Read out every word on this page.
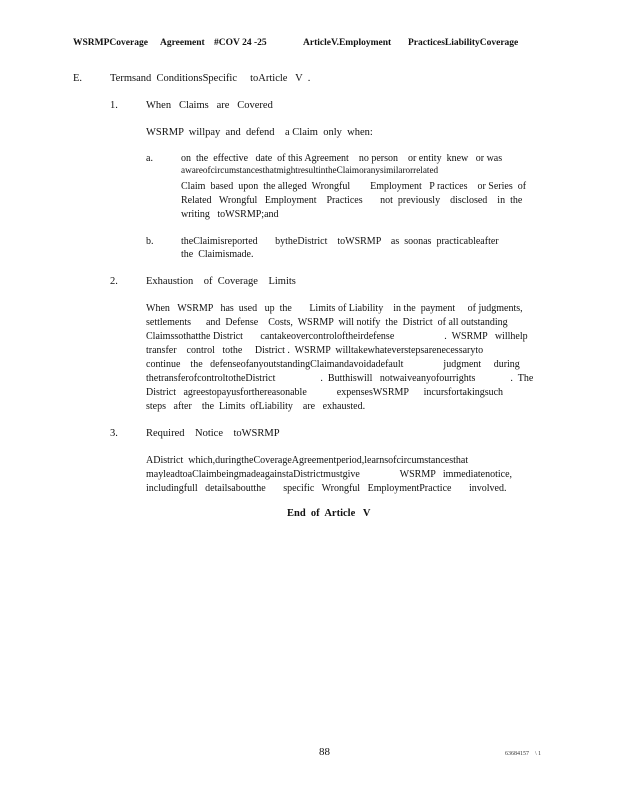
WSRMPCoverage Agreement #COV 24 -25	ArticleV.Employment PracticesLiabilityCoverage
E.	Termsand  ConditionsSpecific     toArticle   V  .
1.	When   Claims   are   Covered
WSRMP  willpay  and  defend    a Claim  only  when:
a.	on  the  effective   date  of this Agreement    no person    or entity  knew   or was
awareofcircumstancesthatmightresultintheClaimoranysimilarorrelated
Claim  based  upon  the alleged  Wrongful        Employment   P ractices    or Series  of
Related   Wrongful   Employment    Practices       not  previously    disclosed    in  the
writing   toWSRMP;and
b.	theClaimisreported       bytheDistrict    toWSRMP    as  soonas  practicableafter
the  Claimismade.
2.	Exhaustion    of  Coverage    Limits
When   WSRMP   has  used   up  the       Limits of Liability    in the  payment     of judgments,
settlements      and  Defense    Costs,  WSRMP  will notify  the  District  of all outstanding
Claimssothatthe District       cantakeovercontroloftheirdefense                    .  WSRMP   willhelp
transfer    control   tothe     District .  WSRMP  willtakewhateverstepsarenecessaryto
continue    the   defenseofanyoutstandingClaimandavoidadefault                judgment     during
thetransferofcontroltotheDistrict                  .  Butthiswill   notwaiveanyofourrights              .  The
District   agreestopayusforthereasonable            expensesWSRMP      incursfortakingsuch
steps   after    the  Limits  ofLiability    are   exhausted.
3.	Required    Notice    toWSRMP
ADistrict  which,duringtheCoverageAgreementperiod,learnsofcircumstancesthat
mayleadtoaClaimbeingmadeagainstaDistrictmustgive                WSRMP   immediatenotice,
includingfull   detailsaboutthe       specific   Wrongful   EmploymentPractice       involved.
End  of  Article   V
88	63684157    \ 1
